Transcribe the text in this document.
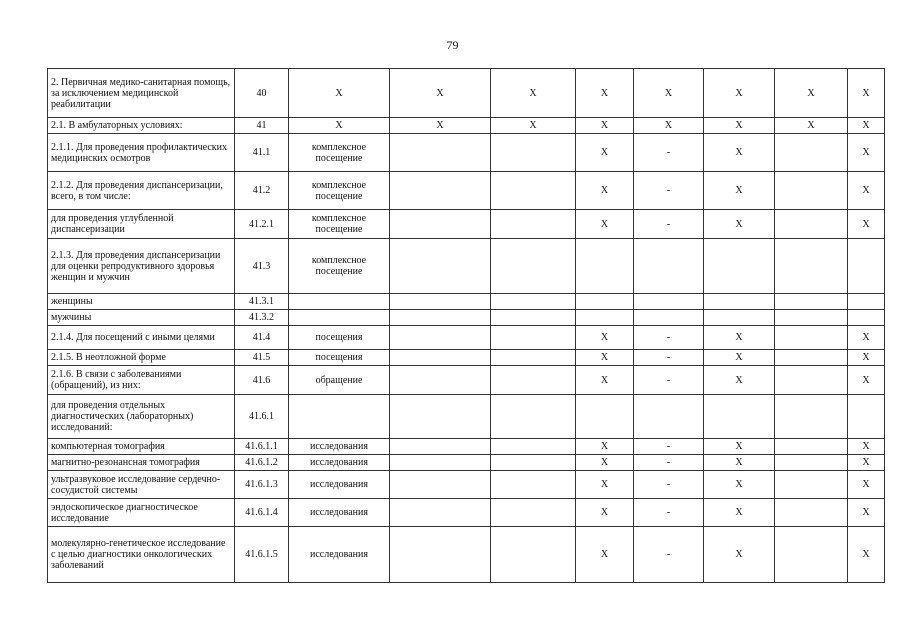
79
2. Первичная медико-санитарная помощь, за исключением медицинской реабилитации	40	X	X	X	X	X	X	X	X
2.1. В амбулаторных условиях:	41	X	X	X	X	X	X	X	X
2.1.1. Для проведения профилактических медицинских осмотров	41.1	комплексное посещение			X	-	X		X
2.1.2. Для проведения диспансеризации, всего, в том числе:	41.2	комплексное посещение			X	-	X		X
для проведения углубленной диспансеризации	41.2.1	комплексное посещение			X	-	X		X
2.1.3. Для проведения диспансеризации для оценки репродуктивного здоровья женщин и мужчин	41.3	комплексное посещение							
женщины	41.3.1								
мужчины	41.3.2								
2.1.4. Для посещений с иными целями	41.4	посещения			X	-	X		X
2.1.5. В неотложной форме	41.5	посещения			X	-	X		X
2.1.6. В связи с заболеваниями (обращений), из них:	41.6	обращение			X	-	X		X
для проведения отдельных диагностических (лабораторных) исследований:	41.6.1								
компьютерная томография	41.6.1.1	исследования			X	-	X		X
магнитно-резонансная томография	41.6.1.2	исследования			X	-	X		X
ультразвуковое исследование сердечно-сосудистой системы	41.6.1.3	исследования			X	-	X		X
эндоскопическое диагностическое исследование	41.6.1.4	исследования			X	-	X		X
молекулярно-генетическое исследование с целью диагностики онкологических заболеваний	41.6.1.5	исследования			X	-	X		X
